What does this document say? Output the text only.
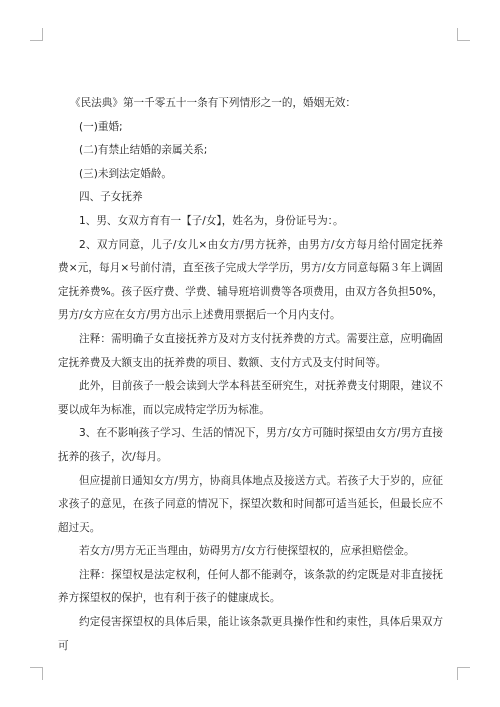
《民法典》第一千零五十一条有下列情形之一的，婚姻无效：

(一)重婚;

(二)有禁止结婚的亲属关系;

(三)未到法定婚龄。

四、子女抚养

1、男、女双方育有一【子/女】，姓名为，身份证号为：。

2、双方同意，儿子/女儿×由女方/男方抚养，由男方/女方每月给付固定抚养费×元，每月×号前付清，直至孩子完成大学学历，男方/女方同意每隔３年上调固定抚养费%。孩子医疗费、学费、辅导班培训费等各项费用，由双方各负担50%，男方/女方应在女方/男方出示上述费用票据后一个月内支付。

注释：需明确子女直接抚养方及对方支付抚养费的方式。需要注意，应明确固定抚养费及大额支出的抚养费的项目、数额、支付方式及支付时间等。

此外，目前孩子一般会读到大学本科甚至研究生，对抚养费支付期限，建议不要以成年为标准，而以完成特定学历为标准。

3、在不影响孩子学习、生活的情况下，男方/女方可随时探望由女方/男方直接抚养的孩子，次/每月。

但应提前日通知女方/男方，协商具体地点及接送方式。若孩子大于岁的，应征求孩子的意见，在孩子同意的情况下，探望次数和时间都可适当延长，但最长应不超过天。

若女方/男方无正当理由，妨碍男方/女方行使探望权的，应承担赔偿金。

注释：探望权是法定权利，任何人都不能剥夺，该条款的约定既是对非直接抚养方探望权的保护，也有利于孩子的健康成长。

约定侵害探望权的具体后果，能让该条款更具操作性和约束性，具体后果双方可
